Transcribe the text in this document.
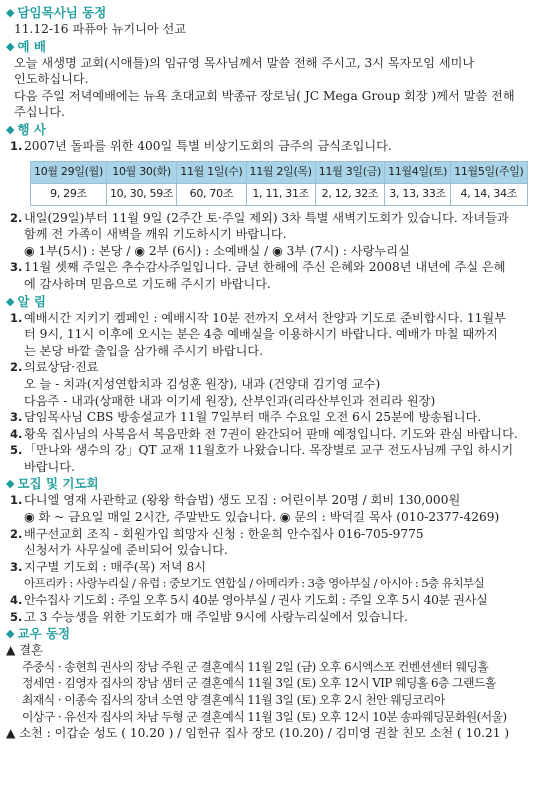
◆ 담임목사님 동정
11.12-16 파퓨아 뉴기니아 선교
◆ 예 배
오늘 새생명 교회(시애틀)의 임규영 목사님께서 말씀 전해 주시고, 3시 목자모임 세미나
인도하십니다.
다음 주일 저녁예배에는 뉴욕 초대교회 박종규 장로님( JC Mega Group 회장 )께서 말씀 전해
주십니다.
◆ 행 사
1. 2007년 돌파를 위한 400일 특별 비상기도회의 금주의 금식조입니다.
10월 29일(월)	10월 30(화)	11월 1일(수)	11월 2일(목)	11월 3일(금)	11월4일(토)	11월5일(주일)
9, 29조	10, 30, 59조	60, 70조	1, 11, 31조	2, 12, 32조	3, 13, 33조	4, 14, 34조
2. 내일(29일)부터 11월 9일 (2주간 토·주일 제외) 3차 특별 새벽기도회가 있습니다. 자녀들과
함께 전 가족이 새벽을 깨워 기도하시기 바랍니다.
◉ 1부(5시) : 본당 / ◉ 2부 (6시) : 소예배실 / ◉ 3부 (7시) : 사랑누리실
3. 11월 셋째 주일은 추수감사주일입니다. 금년 한해에 주신 은혜와 2008년 내년에 주실 은혜
에 감사하며 믿음으로 기도해 주시기 바랍니다.
◆ 알 림
1. 예배시간 지키기 켐페인 : 예배시작 10분 전까지 오셔서 찬양과 기도로 준비합시다. 11월부
터 9시, 11시 이후에 오시는 분은 4층 예배실을 이용하시기 바랍니다. 예배가 마칠 때까지
는 본당 바깥 출입을 삼가해 주시기 바랍니다.
2. 의료상담·진료
오 늘 - 치과(지성연합치과 김성훈 원장), 내과 (건양대 김기영 교수)
다음주 - 내과(상패한 내과 이기세 원장), 산부인과(리라산부인과 전리라 원장)
3. 담임목사님 CBS 방송설교가 11월 7일부터 매주 수요일 오전 6시 25분에 방송됩니다.
4. 황욱 집사님의 사복음서 복음만화 전 7권이 완간되어 판매 예정입니다. 기도와 관심 바랍니다.
5. 「만나와 생수의 강」QT 교재 11월호가 나왔습니다. 목장별로 교구 전도사님께 구입 하시기
바랍니다.
◆ 모집 및 기도회
1. 다니엘 영재 사관학교 (왕왕 학습법) 생도 모집 : 어린이부 20명 / 회비 130,000원
◉ 화 ~ 금요일 매일 2시간, 주말반도 있습니다. ◉ 문의 : 박덕길 목사 (010-2377-4269)
2. 배구선교회 조직 - 회원가입 희망자 신청 : 한윤희 안수집사 016-705-9775
신청서가 사무실에 준비되어 있습니다.
3. 지구별 기도회 : 매주(목) 저녁 8시
아프리카 : 사랑누리실 / 유럽 : 중보기도 연합실 / 아메리카 : 3층 영아부실 / 아시아 : 5층 유치부실
4. 안수집사 기도회 : 주일 오후 5시 40분 영아부실 / 권사 기도회 : 주일 오후 5시 40분 권사실
5. 고 3 수능생을 위한 기도회가 매 주일밤 9시에 사랑누리실에서 있습니다.
◆ 교우 동정
▲ 결혼
주중식 · 송현희 권사의 장남 주원 군 결혼예식 11월 2일 (금) 오후 6시엑스포 컨벤션센터 웨딩홀
정세연 · 김영자 집사의 장남 샘터 군 결혼예식 11월 3일 (토) 오후 12시 VIP 웨딩홀 6층 그랜드홀
최재식 · 이종숙 집사의 장녀 소연 양 결혼예식 11월 3일 (토) 오후 2시 천안 웨딩코리아
이상구 · 유선자 집사의 차남 두형 군 결혼예식 11월 3일 (토) 오후 12시 10분 송파웨딩문화원(서울)
▲ 소천 : 이갑순 성도 ( 10.20 ) / 임헌규 집사 장모 (10.20) / 김미영 권찰 친모 소천 ( 10.21 )
